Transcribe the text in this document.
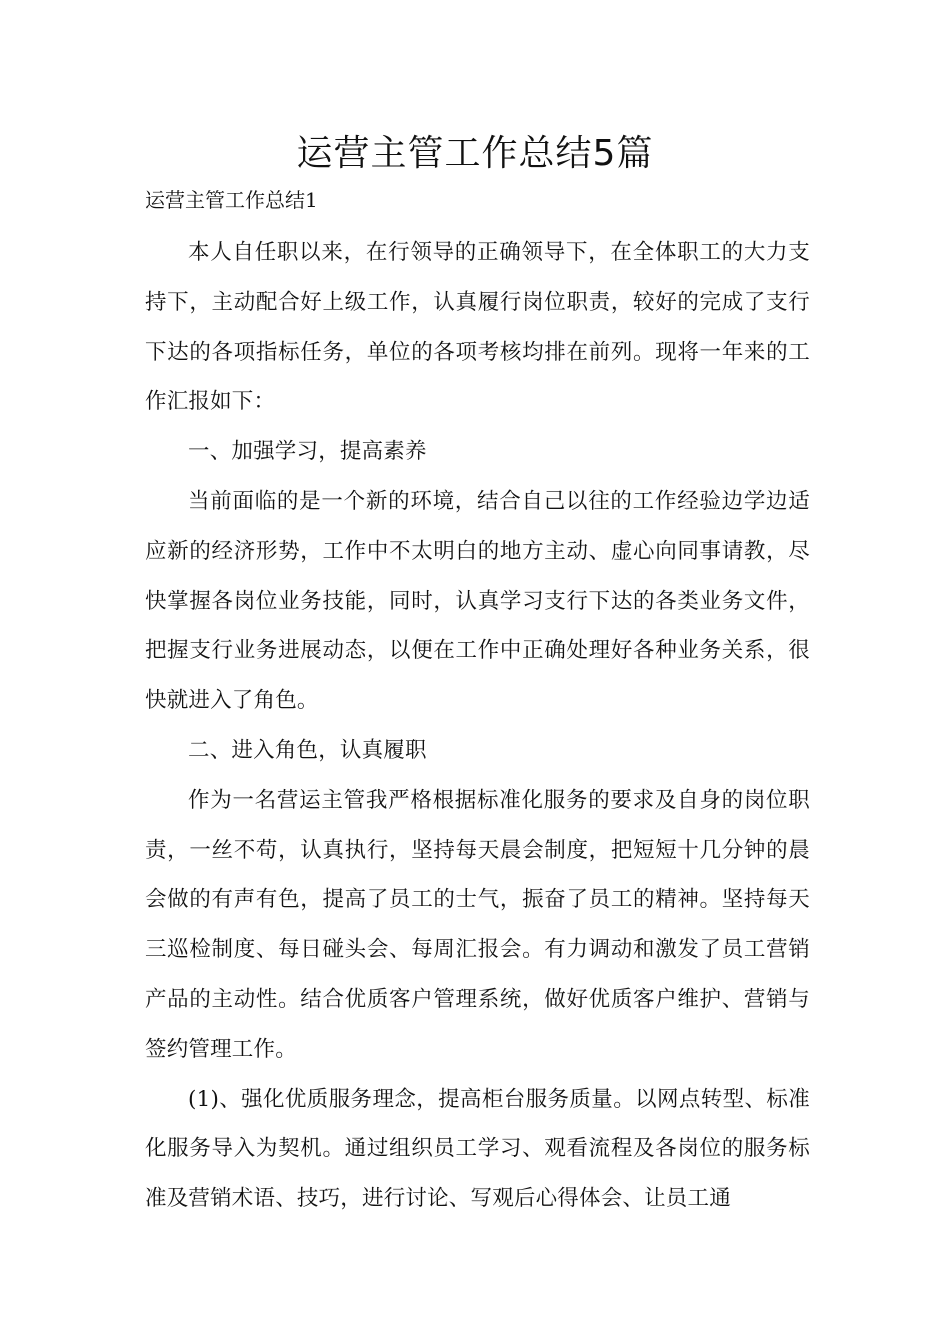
运营主管工作总结5篇

运营主管工作总结1

本人自任职以来，在行领导的正确领导下，在全体职工的大力支持下，主动配合好上级工作，认真履行岗位职责，较好的完成了支行下达的各项指标任务，单位的各项考核均排在前列。现将一年来的工作汇报如下：

一、加强学习，提高素养

当前面临的是一个新的环境，结合自己以往的工作经验边学边适应新的经济形势，工作中不太明白的地方主动、虚心向同事请教，尽快掌握各岗位业务技能，同时，认真学习支行下达的各类业务文件，把握支行业务进展动态，以便在工作中正确处理好各种业务关系，很快就进入了角色。

二、进入角色，认真履职

作为一名营运主管我严格根据标准化服务的要求及自身的岗位职责，一丝不苟，认真执行，坚持每天晨会制度，把短短十几分钟的晨会做的有声有色，提高了员工的士气，振奋了员工的精神。坚持每天三巡检制度、每日碰头会、每周汇报会。有力调动和激发了员工营销产品的主动性。结合优质客户管理系统，做好优质客户维护、营销与签约管理工作。

(1)、强化优质服务理念，提高柜台服务质量。以网点转型、标准化服务导入为契机。通过组织员工学习、观看流程及各岗位的服务标准及营销术语、技巧，进行讨论、写观后心得体会、让员工通
